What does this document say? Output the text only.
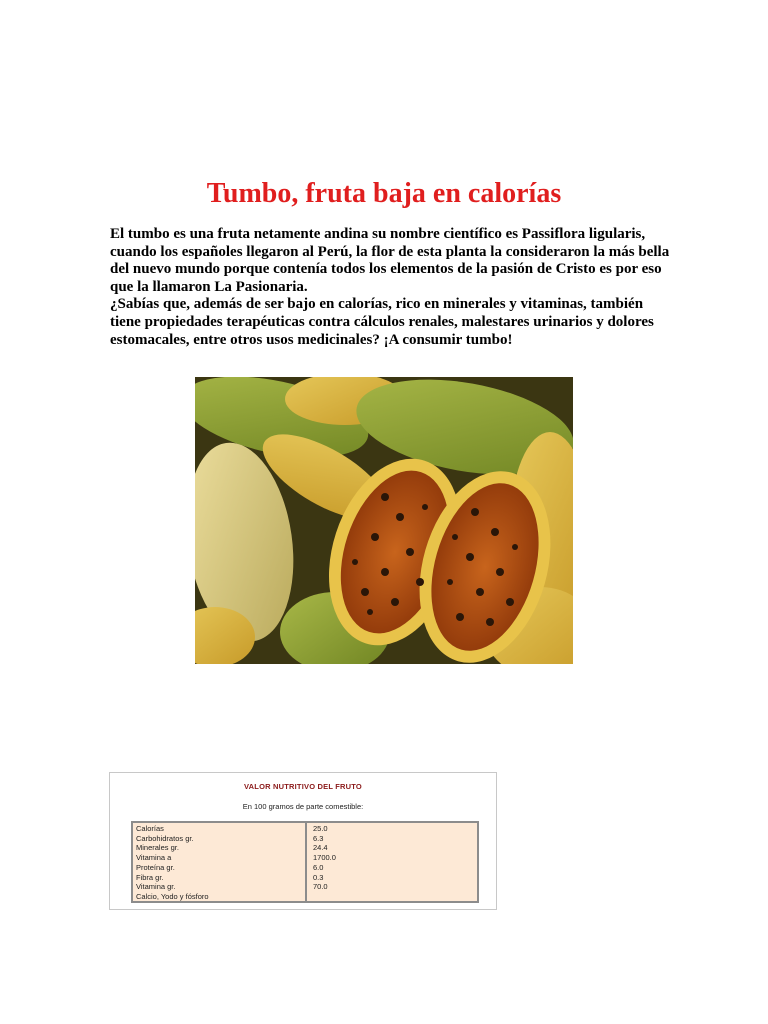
Tumbo, fruta baja en calorías

El tumbo es una fruta netamente andina su nombre científico es Passiflora ligularis, cuando los españoles llegaron al Perú, la flor de esta planta la consideraron la más bella del nuevo mundo porque contenía todos los elementos de la pasión de Cristo es por eso que la llamaron La Pasionaria.

¿Sabías que, además de ser bajo en calorías, rico en minerales y vitaminas, también tiene propiedades terapéuticas contra cálculos renales, malestares urinarios y dolores estomacales, entre otros usos medicinales? ¡A consumir tumbo!

VALOR NUTRITIVO DEL FRUTO
En 100 gramos de parte comestible:
Calorías
Carbohidratos gr.
Minerales gr.
Vitamina a
Proteína gr.
Fibra gr.
Vitamina gr.
Calcio, Yodo y fósforo
25.0
6.3
24.4
1700.0
6.0
0.3
70.0
